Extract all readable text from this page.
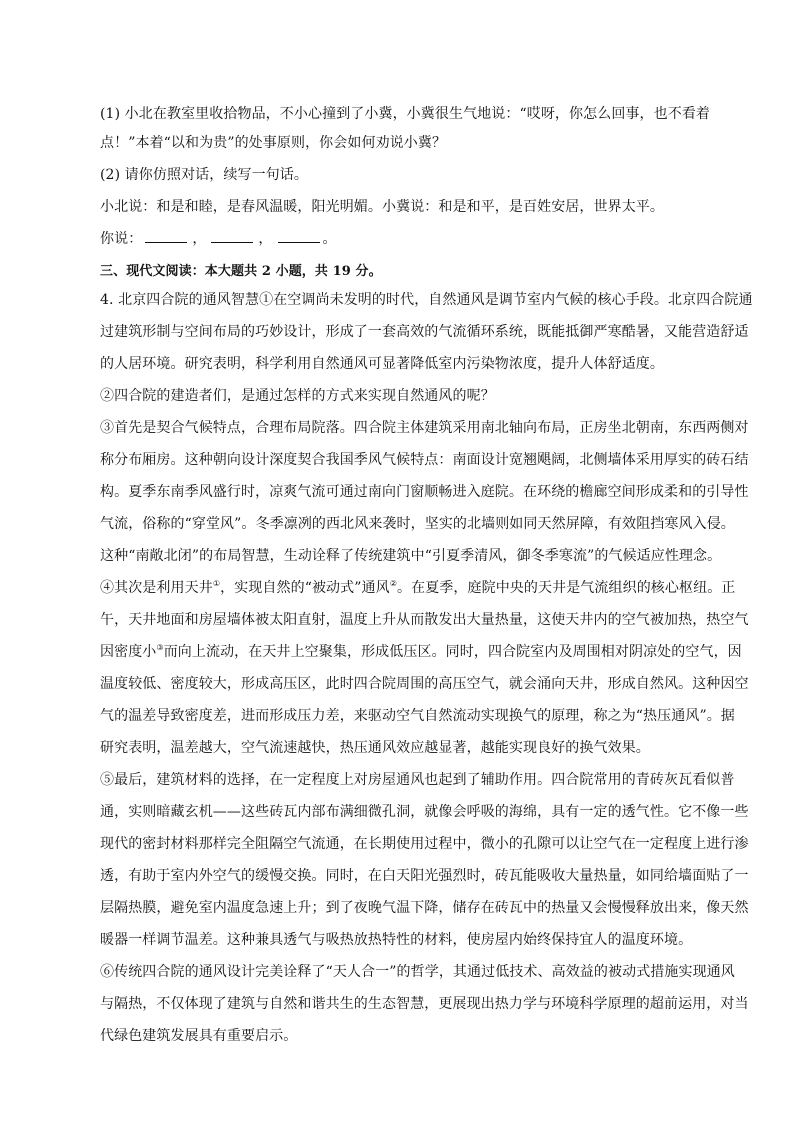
(1) 小北在教室里收拾物品，不小心撞到了小冀，小冀很生气地说：“哎呀，你怎么回事，也不看着
点！”本着“以和为贵”的处事原则，你会如何劝说小冀？
(2) 请你仿照对话，续写一句话。
小北说：和是和睦，是春风温暖，阳光明媚。小冀说：和是和平，是百姓安居，世界太平。
你说：	，	，	。
三、现代文阅读：本大题共 2 小题，共 19 分。
4. 北京四合院的通风智慧①在空调尚未发明的时代，自然通风是调节室内气候的核心手段。北京四合院通
过建筑形制与空间布局的巧妙设计，形成了一套高效的气流循环系统，既能抵御严寒酷暑，又能营造舒适
的人居环境。研究表明，科学利用自然通风可显著降低室内污染物浓度，提升人体舒适度。
②四合院的建造者们，是通过怎样的方式来实现自然通风的呢？
③首先是契合气候特点，合理布局院落。四合院主体建筑采用南北轴向布局，正房坐北朝南，东西两侧对
称分布厢房。这种朝向设计深度契合我国季风气候特点：南面设计宽翘飓阔，北侧墙体采用厚实的砖石结
构。夏季东南季风盛行时，凉爽气流可通过南向门窗顺畅进入庭院。在环绕的檐廊空间形成柔和的引导性
气流，俗称的“穿堂风”。冬季凛冽的西北风来袭时，坚实的北墙则如同天然屏障，有效阻挡寒风入侵。
这种“南敞北闭”的布局智慧，生动诠释了传统建筑中“引夏季清风，御冬季寒流”的气候适应性理念。
④其次是利用天井①，实现自然的“被动式”通风②。在夏季，庭院中央的天井是气流组织的核心枢纽。正
午，天井地面和房屋墙体被太阳直射，温度上升从而散发出大量热量，这使天井内的空气被加热，热空气
因密度小③而向上流动，在天井上空聚集，形成低压区。同时，四合院室内及周围相对阴凉处的空气，因
温度较低、密度较大，形成高压区，此时四合院周围的高压空气，就会涌向天井，形成自然风。这种因空
气的温差导致密度差，进而形成压力差，来驱动空气自然流动实现换气的原理，称之为“热压通风”。据
研究表明，温差越大，空气流速越快，热压通风效应越显著，越能实现良好的换气效果。
⑤最后，建筑材料的选择，在一定程度上对房屋通风也起到了辅助作用。四合院常用的青砖灰瓦看似普
通，实则暗藏玄机——这些砖瓦内部布满细微孔洞，就像会呼吸的海绵，具有一定的透气性。它不像一些
现代的密封材料那样完全阻隔空气流通，在长期使用过程中，微小的孔隙可以让空气在一定程度上进行渗
透，有助于室内外空气的缓慢交换。同时，在白天阳光强烈时，砖瓦能吸收大量热量，如同给墙面贴了一
层隔热膜，避免室内温度急速上升；到了夜晚气温下降，储存在砖瓦中的热量又会慢慢释放出来，像天然
暖器一样调节温差。这种兼具透气与吸热放热特性的材料，使房屋内始终保持宜人的温度环境。
⑥传统四合院的通风设计完美诠释了“天人合一”的哲学，其通过低技术、高效益的被动式措施实现通风
与隔热，不仅体现了建筑与自然和谐共生的生态智慧，更展现出热力学与环境科学原理的超前运用，对当
代绿色建筑发展具有重要启示。
